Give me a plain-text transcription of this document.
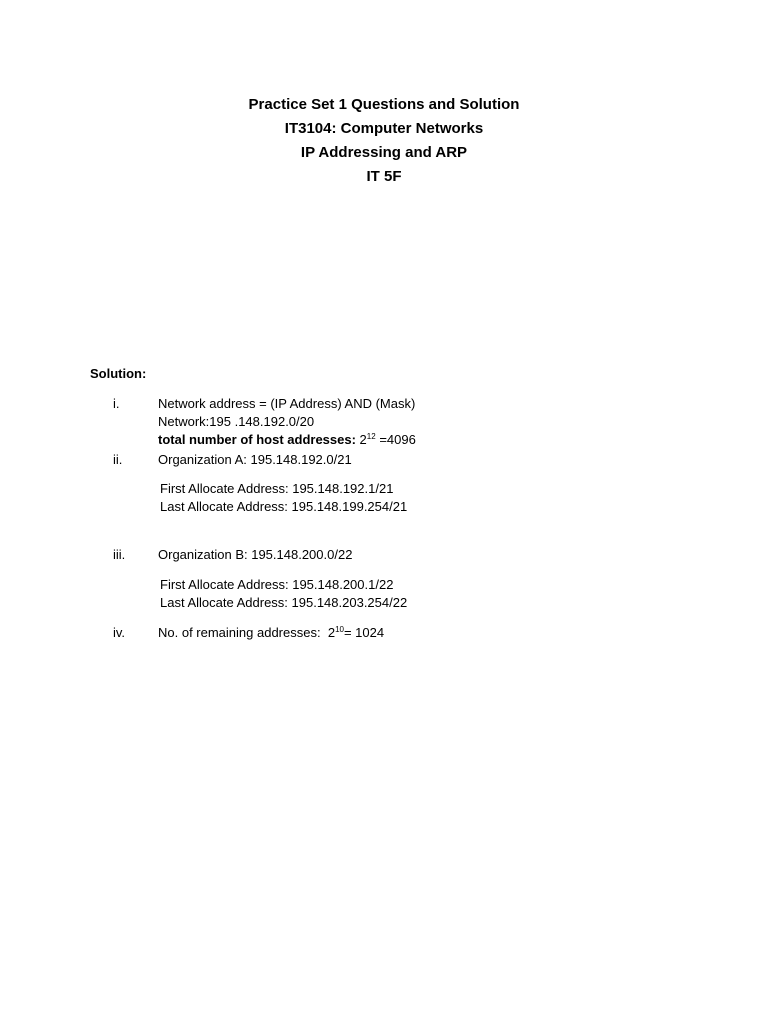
Practice Set 1 Questions and Solution
IT3104: Computer Networks
IP Addressing and ARP
IT 5F
Solution:
i.	Network address = (IP Address) AND (Mask)
Network:195 .148.192.0/20
total number of host addresses: $2^{12} =4096$
ii.	Organization A: 195.148.192.0/21
First Allocate Address: 195.148.192.1/21
Last Allocate Address: 195.148.199.254/21
iii.	Organization B: 195.148.200.0/22
First Allocate Address: 195.148.200.1/22
Last Allocate Address: 195.148.203.254/22
iv.	No. of remaining addresses: $2^{10}= 1024$
